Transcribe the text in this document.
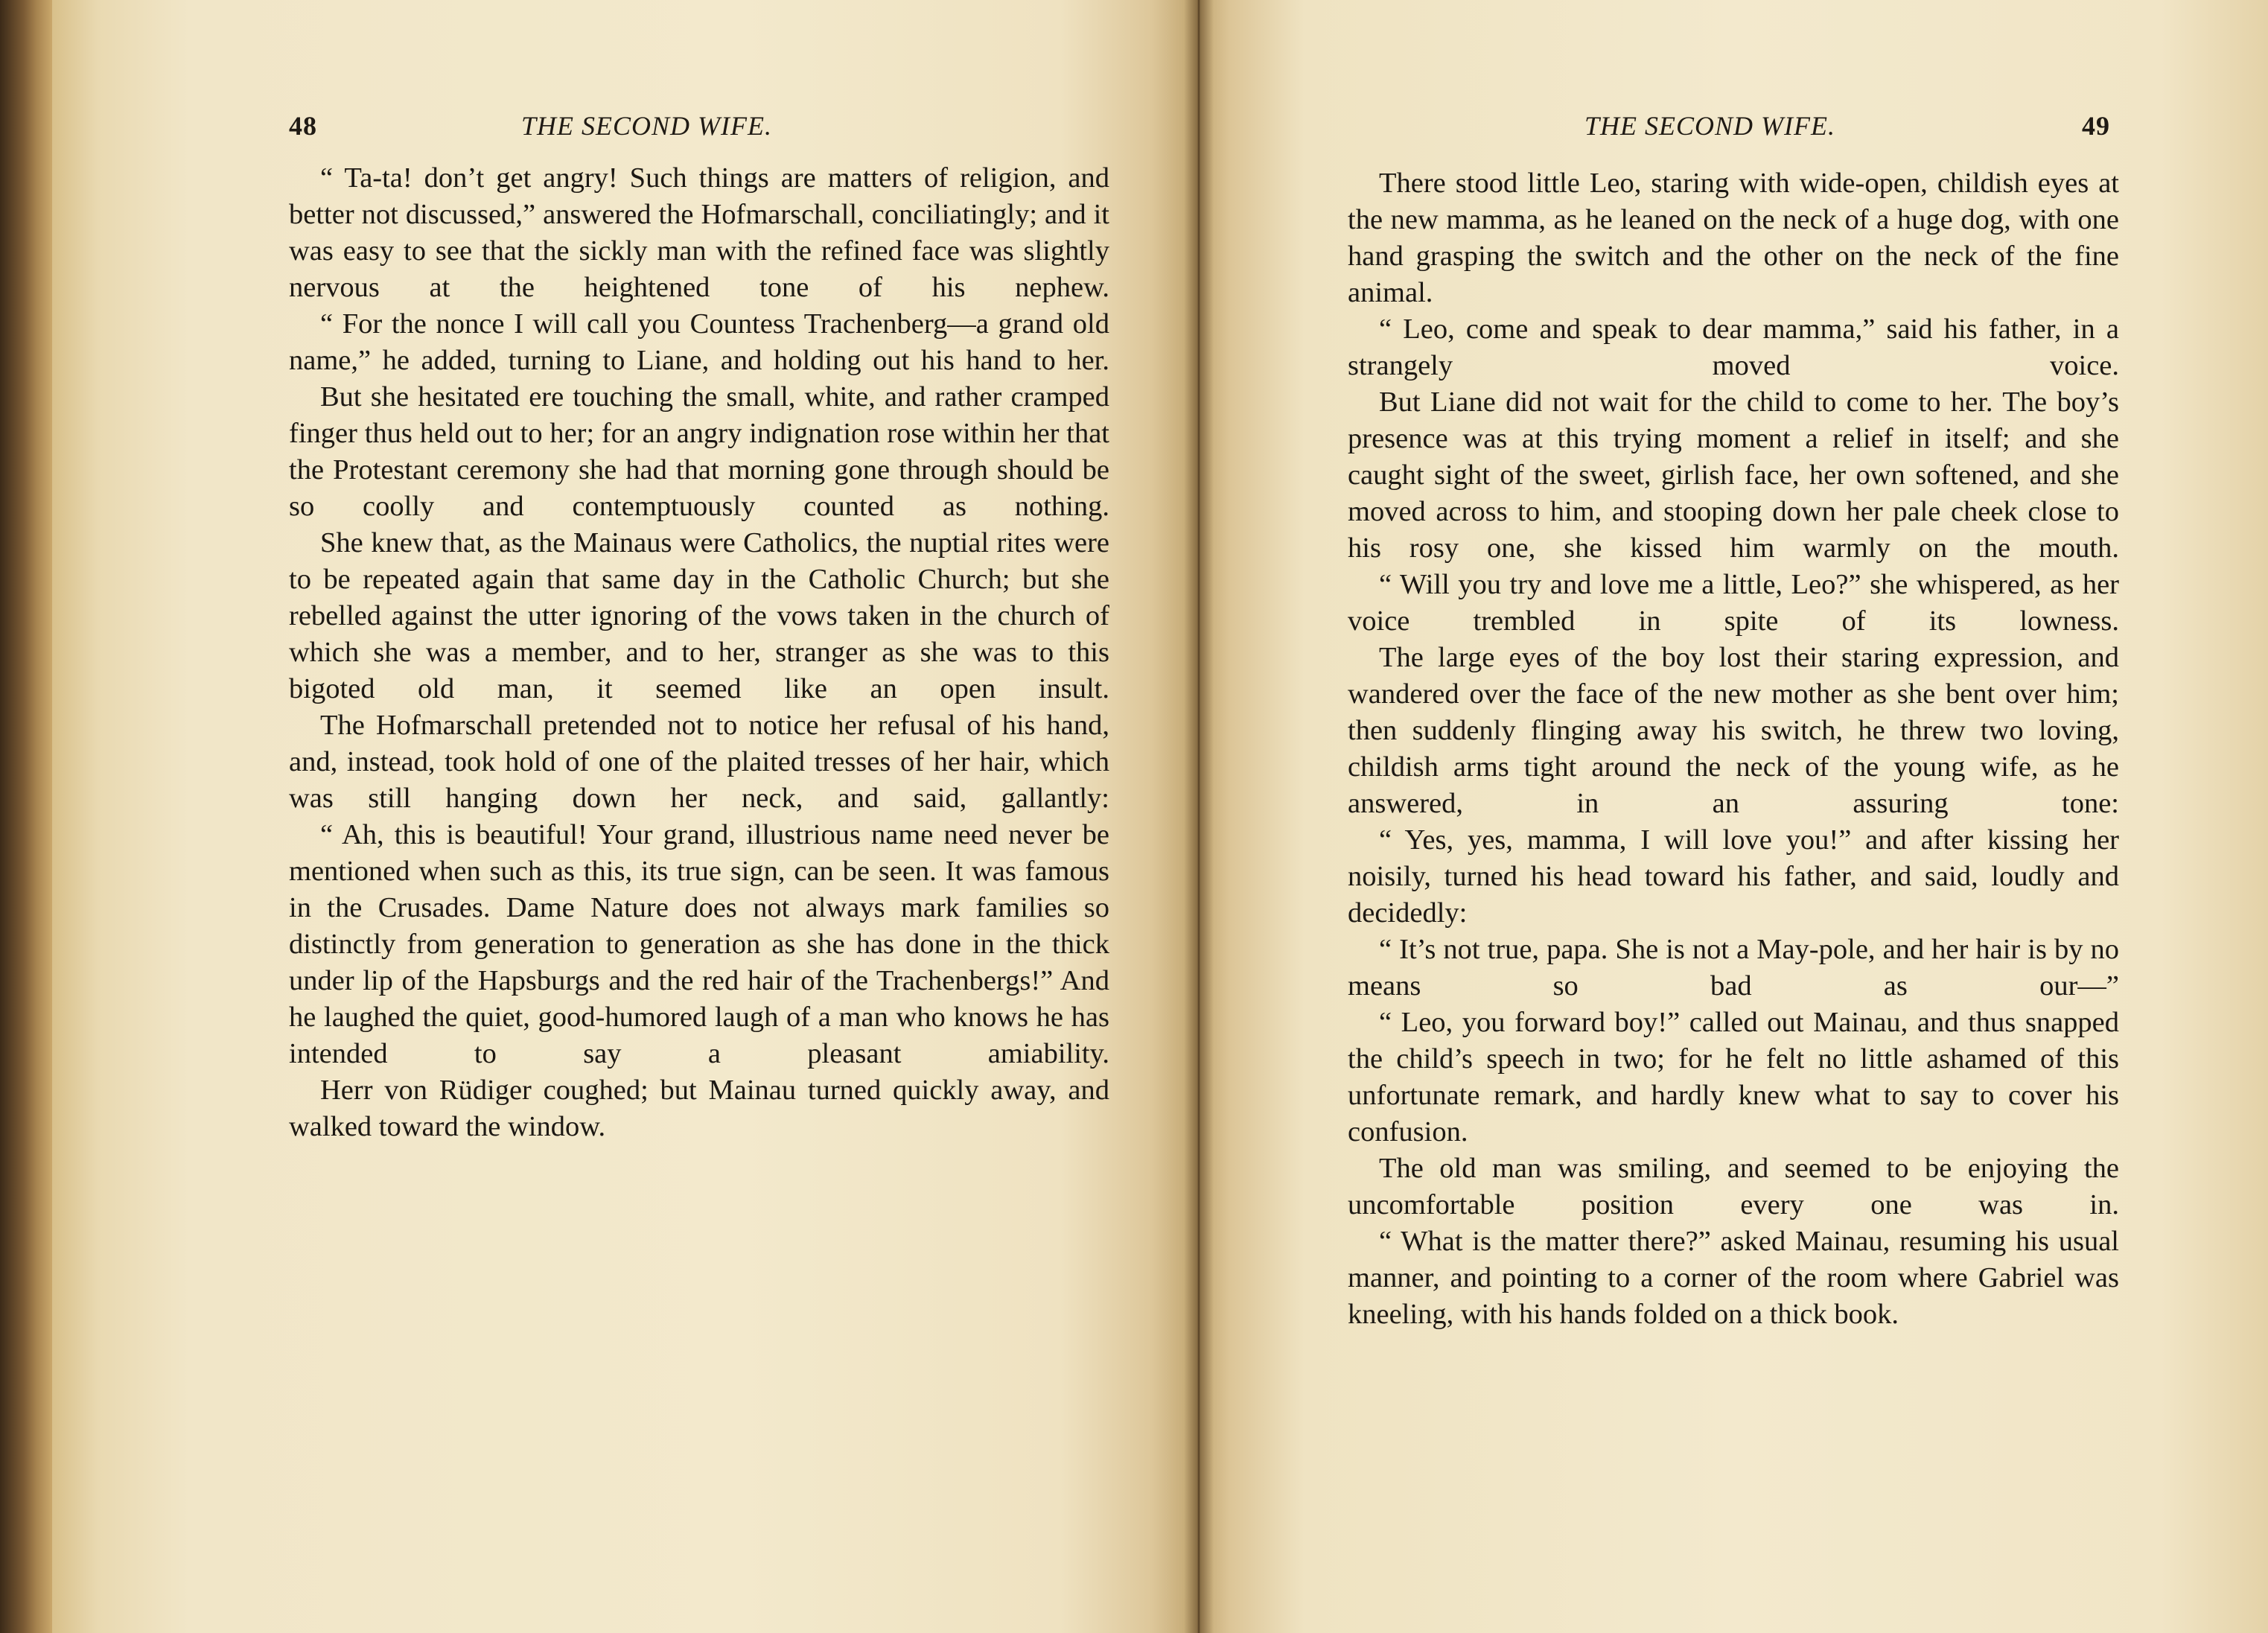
48	THE SECOND WIFE.

“ Ta-ta! don’t get angry! Such things are matters of religion, and better not discussed,” answered the Hofmarschall, conciliatingly; and it was easy to see that the sickly man with the refined face was slightly nervous at the heightened tone of his nephew.

“ For the nonce I will call you Countess Trachenberg—a grand old name,” he added, turning to Liane, and holding out his hand to her.

But she hesitated ere touching the small, white, and rather cramped finger thus held out to her; for an angry indignation rose within her that the Protestant ceremony she had that morning gone through should be so coolly and contemptuously counted as nothing.

She knew that, as the Mainaus were Catholics, the nuptial rites were to be repeated again that same day in the Catholic Church; but she rebelled against the utter ignoring of the vows taken in the church of which she was a member, and to her, stranger as she was to this bigoted old man, it seemed like an open insult.

The Hofmarschall pretended not to notice her refusal of his hand, and, instead, took hold of one of the plaited tresses of her hair, which was still hanging down her neck, and said, gallantly:

“ Ah, this is beautiful! Your grand, illustrious name need never be mentioned when such as this, its true sign, can be seen. It was famous in the Crusades. Dame Nature does not always mark families so distinctly from generation to generation as she has done in the thick under lip of the Hapsburgs and the red hair of the Trachenbergs!” And he laughed the quiet, good-humored laugh of a man who knows he has intended to say a pleasant amiability.

Herr von Rüdiger coughed; but Mainau turned quickly away, and walked toward the window.

THE SECOND WIFE.	49

There stood little Leo, staring with wide-open, childish eyes at the new mamma, as he leaned on the neck of a huge dog, with one hand grasping the switch and the other on the neck of the fine animal.

“ Leo, come and speak to dear mamma,” said his father, in a strangely moved voice.

But Liane did not wait for the child to come to her. The boy’s presence was at this trying moment a relief in itself; and she caught sight of the sweet, girlish face, her own softened, and she moved across to him, and stooping down her pale cheek close to his rosy one, she kissed him warmly on the mouth.

“ Will you try and love me a little, Leo?” she whispered, as her voice trembled in spite of its lowness.

The large eyes of the boy lost their staring expression, and wandered over the face of the new mother as she bent over him; then suddenly flinging away his switch, he threw two loving, childish arms tight around the neck of the young wife, as he answered, in an assuring tone:

“ Yes, yes, mamma, I will love you!” and after kissing her noisily, turned his head toward his father, and said, loudly and decidedly:

“ It’s not true, papa. She is not a May-pole, and her hair is by no means so bad as our—”

“ Leo, you forward boy!” called out Mainau, and thus snapped the child’s speech in two; for he felt no little ashamed of this unfortunate remark, and hardly knew what to say to cover his confusion.

The old man was smiling, and seemed to be enjoying the uncomfortable position every one was in.

“ What is the matter there?” asked Mainau, resuming his usual manner, and pointing to a corner of the room where Gabriel was kneeling, with his hands folded on a thick book.
